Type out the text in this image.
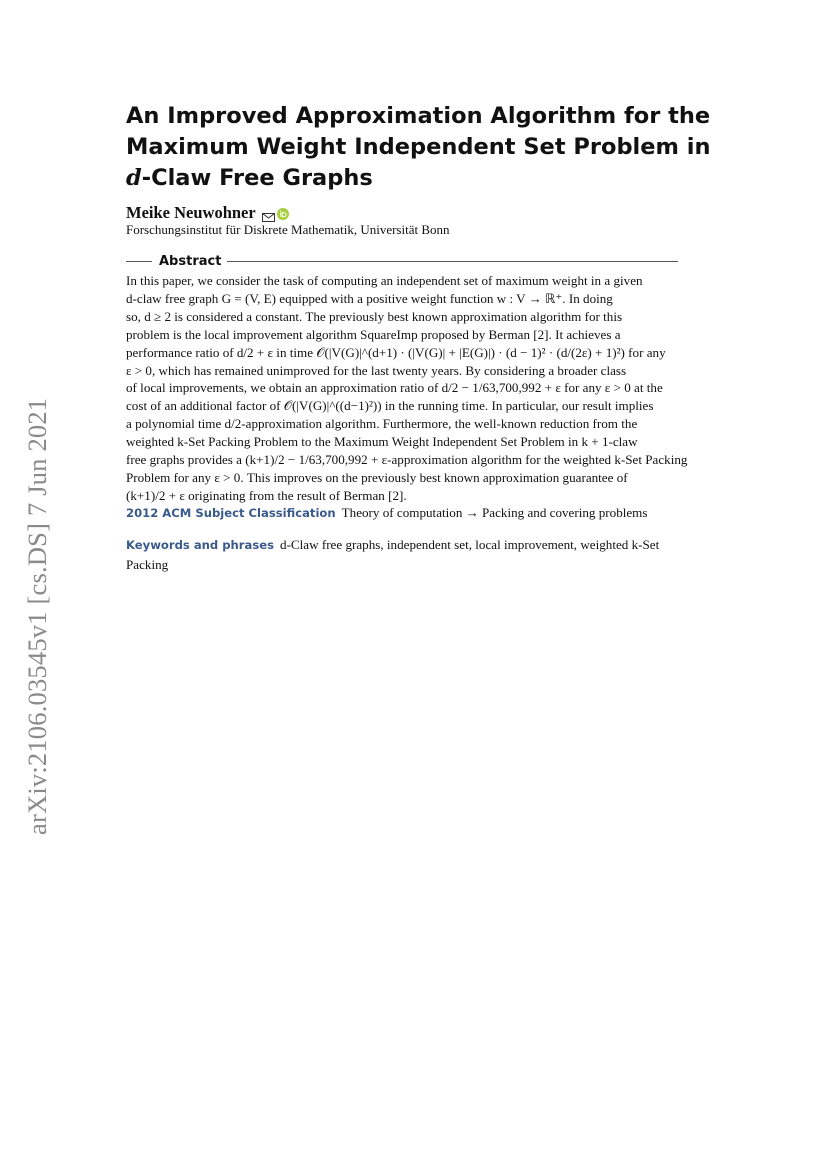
arXiv:2106.03545v1 [cs.DS] 7 Jun 2021
An Improved Approximation Algorithm for the
Maximum Weight Independent Set Problem in
d-Claw Free Graphs
Meike Neuwohner
Forschungsinstitut für Diskrete Mathematik, Universität Bonn
Abstract
In this paper, we consider the task of computing an independent set of maximum weight in a given
d-claw free graph G = (V, E) equipped with a positive weight function w : V → ℝ⁺. In doing
so, d ≥ 2 is considered a constant. The previously best known approximation algorithm for this
problem is the local improvement algorithm SquareImp proposed by Berman [2]. It achieves a
performance ratio of d/2 + ε in time 𝒪(|V(G)|^(d+1) · (|V(G)| + |E(G)|) · (d − 1)² · (d/(2ε) + 1)²) for any
ε > 0, which has remained unimproved for the last twenty years. By considering a broader class
of local improvements, we obtain an approximation ratio of d/2 − 1/63,700,992 + ε for any ε > 0 at the
cost of an additional factor of 𝒪(|V(G)|^((d−1)²)) in the running time. In particular, our result implies
a polynomial time d/2-approximation algorithm. Furthermore, the well-known reduction from the
weighted k-Set Packing Problem to the Maximum Weight Independent Set Problem in k + 1-claw
free graphs provides a (k+1)/2 − 1/63,700,992 + ε-approximation algorithm for the weighted k-Set Packing
Problem for any ε > 0. This improves on the previously best known approximation guarantee of
(k+1)/2 + ε originating from the result of Berman [2].
2012 ACM Subject Classification Theory of computation → Packing and covering problems
Keywords and phrases d-Claw free graphs, independent set, local improvement, weighted k-Set
Packing
